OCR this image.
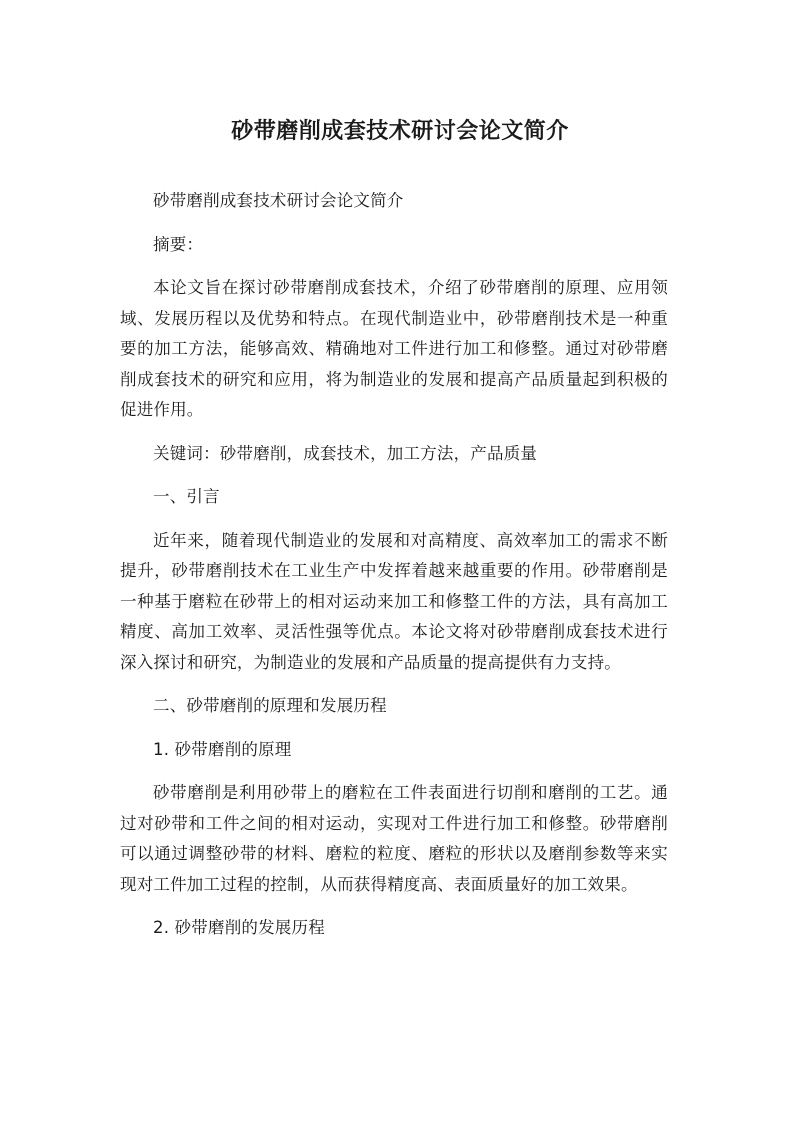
砂带磨削成套技术研讨会论文简介

砂带磨削成套技术研讨会论文简介

摘要：

本论文旨在探讨砂带磨削成套技术，介绍了砂带磨削的原理、应用领域、发展历程以及优势和特点。在现代制造业中，砂带磨削技术是一种重要的加工方法，能够高效、精确地对工件进行加工和修整。通过对砂带磨削成套技术的研究和应用，将为制造业的发展和提高产品质量起到积极的促进作用。

关键词：砂带磨削，成套技术，加工方法，产品质量

一、引言

近年来，随着现代制造业的发展和对高精度、高效率加工的需求不断提升，砂带磨削技术在工业生产中发挥着越来越重要的作用。砂带磨削是一种基于磨粒在砂带上的相对运动来加工和修整工件的方法，具有高加工精度、高加工效率、灵活性强等优点。本论文将对砂带磨削成套技术进行深入探讨和研究，为制造业的发展和产品质量的提高提供有力支持。

二、砂带磨削的原理和发展历程

1. 砂带磨削的原理

砂带磨削是利用砂带上的磨粒在工件表面进行切削和磨削的工艺。通过对砂带和工件之间的相对运动，实现对工件进行加工和修整。砂带磨削可以通过调整砂带的材料、磨粒的粒度、磨粒的形状以及磨削参数等来实现对工件加工过程的控制，从而获得精度高、表面质量好的加工效果。

2. 砂带磨削的发展历程
